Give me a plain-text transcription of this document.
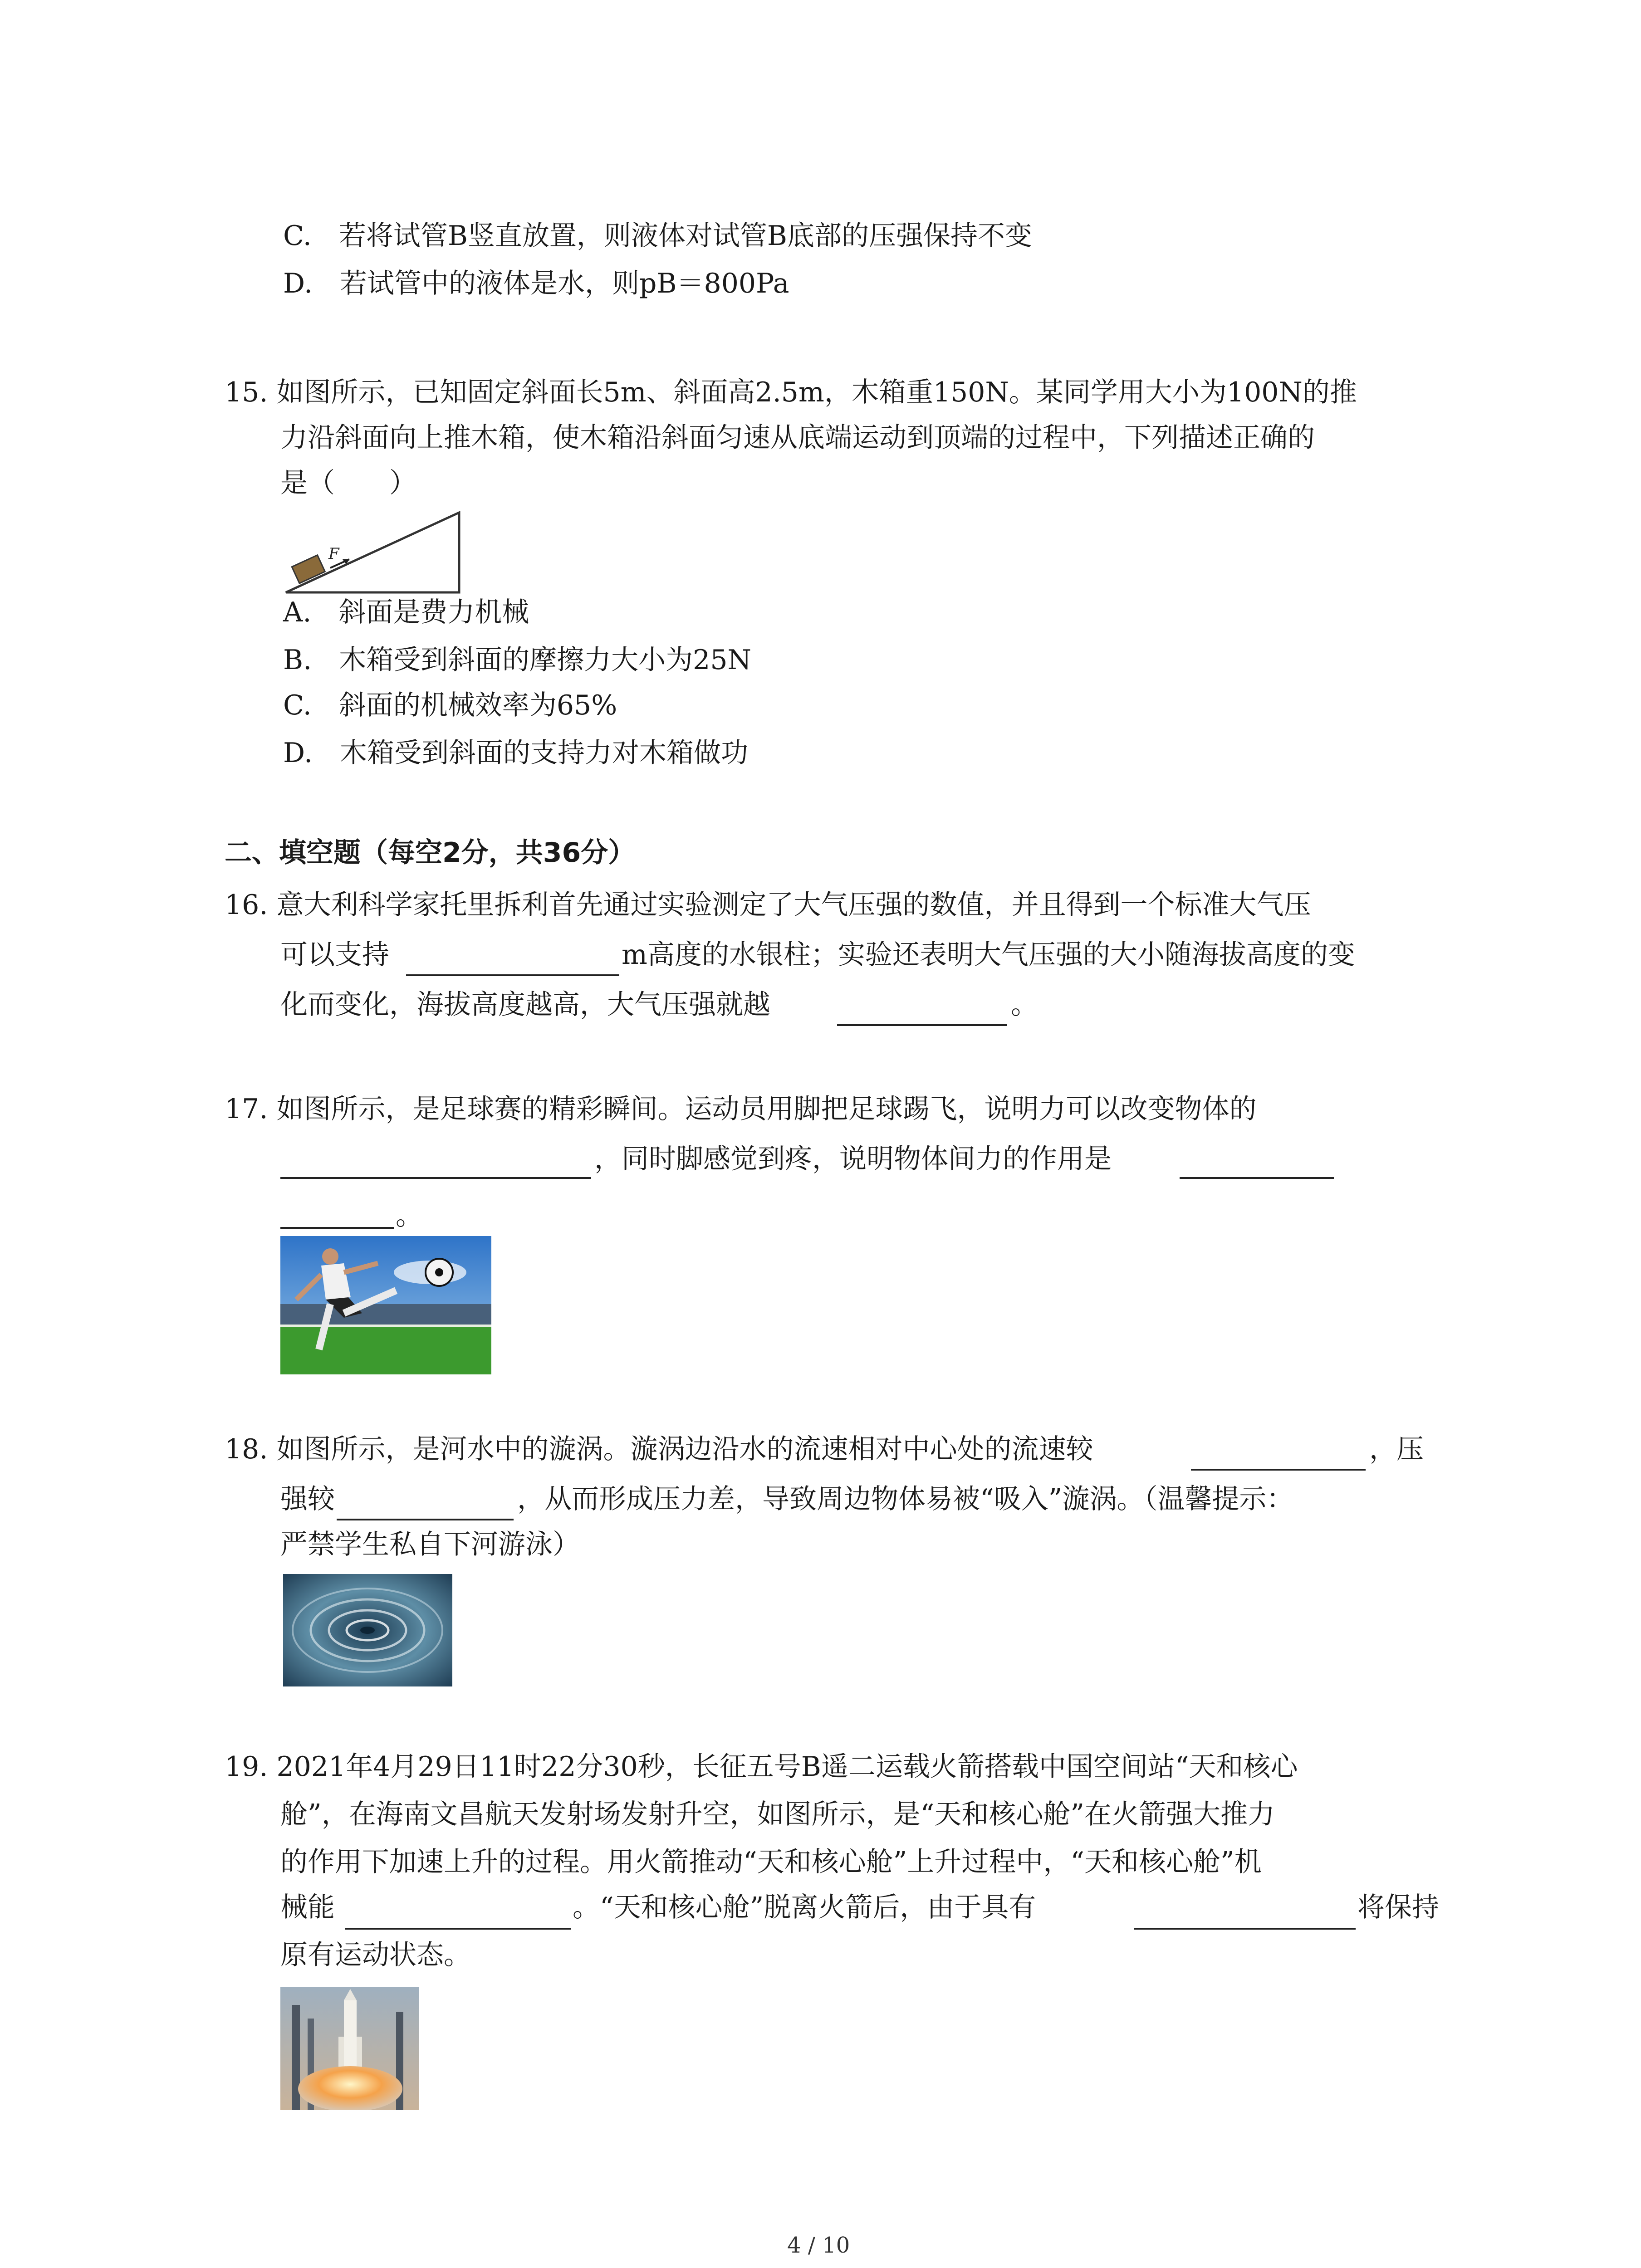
C.　若将试管B竖直放置，则液体对试管B底部的压强保持不变
D.　若试管中的液体是水，则pB＝800Pa
15. 如图所示，已知固定斜面长5m、斜面高2.5m，木箱重150N。某同学用大小为100N的推
力沿斜面向上推木箱，使木箱沿斜面匀速从底端运动到顶端的过程中，下列描述正确的
是（　　）
F
A.　斜面是费力机械
B.　木箱受到斜面的摩擦力大小为25N
C.　斜面的机械效率为65%
D.　木箱受到斜面的支持力对木箱做功
二、填空题（每空2分，共36分）
16. 意大利科学家托里拆利首先通过实验测定了大气压强的数值，并且得到一个标准大气压
可以支持	m高度的水银柱；实验还表明大气压强的大小随海拔高度的变
化而变化，海拔高度越高，大气压强就越	。
17. 如图所示，是足球赛的精彩瞬间。运动员用脚把足球踢飞，说明力可以改变物体的
，同时脚感觉到疼，说明物体间力的作用是
。
18. 如图所示，是河水中的漩涡。漩涡边沿水的流速相对中心处的流速较	，压
强较	，从而形成压力差，导致周边物体易被“吸入”漩涡。（温馨提示：
严禁学生私自下河游泳）
19. 2021年4月29日11时22分30秒，长征五号B遥二运载火箭搭载中国空间站“天和核心
舱”，在海南文昌航天发射场发射升空，如图所示，是“天和核心舱”在火箭强大推力
的作用下加速上升的过程。用火箭推动“天和核心舱”上升过程中，“天和核心舱”机
械能	。“天和核心舱”脱离火箭后，由于具有	将保持
原有运动状态。
4 / 10
